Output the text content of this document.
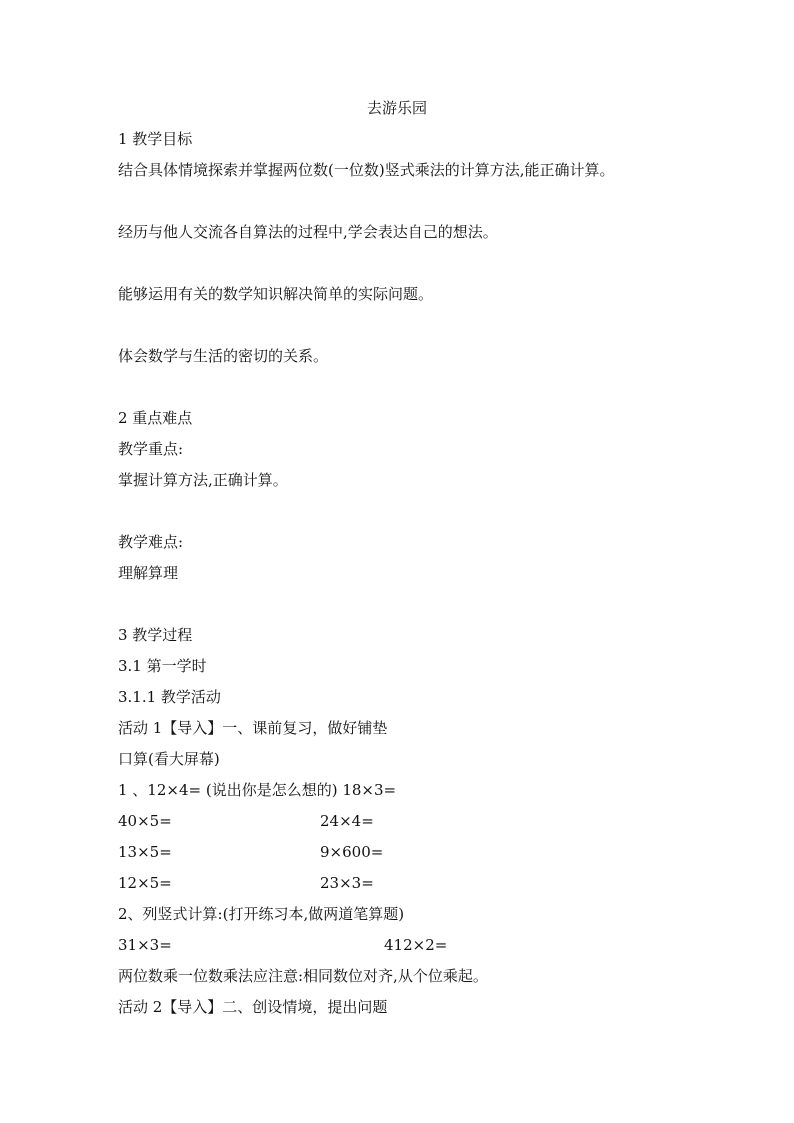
去游乐园
1 教学目标
结合具体情境探索并掌握两位数(一位数)竖式乘法的计算方法,能正确计算。
经历与他人交流各自算法的过程中,学会表达自己的想法。
能够运用有关的数学知识解决简单的实际问题。
体会数学与生活的密切的关系。
2 重点难点
教学重点:
掌握计算方法,正确计算。
教学难点:
理解算理
3 教学过程
3.1 第一学时
3.1.1 教学活动
活动 1【导入】一、课前复习，做好铺垫
口算(看大屏幕)
1 、12×4= (说出你是怎么想的) 18×3=
40×5=	24×4=
13×5=	9×600=
12×5=	23×3=
2、列竖式计算:(打开练习本,做两道笔算题)
31×3=	412×2=
两位数乘一位数乘法应注意:相同数位对齐,从个位乘起。
活动 2【导入】二、创设情境，提出问题
